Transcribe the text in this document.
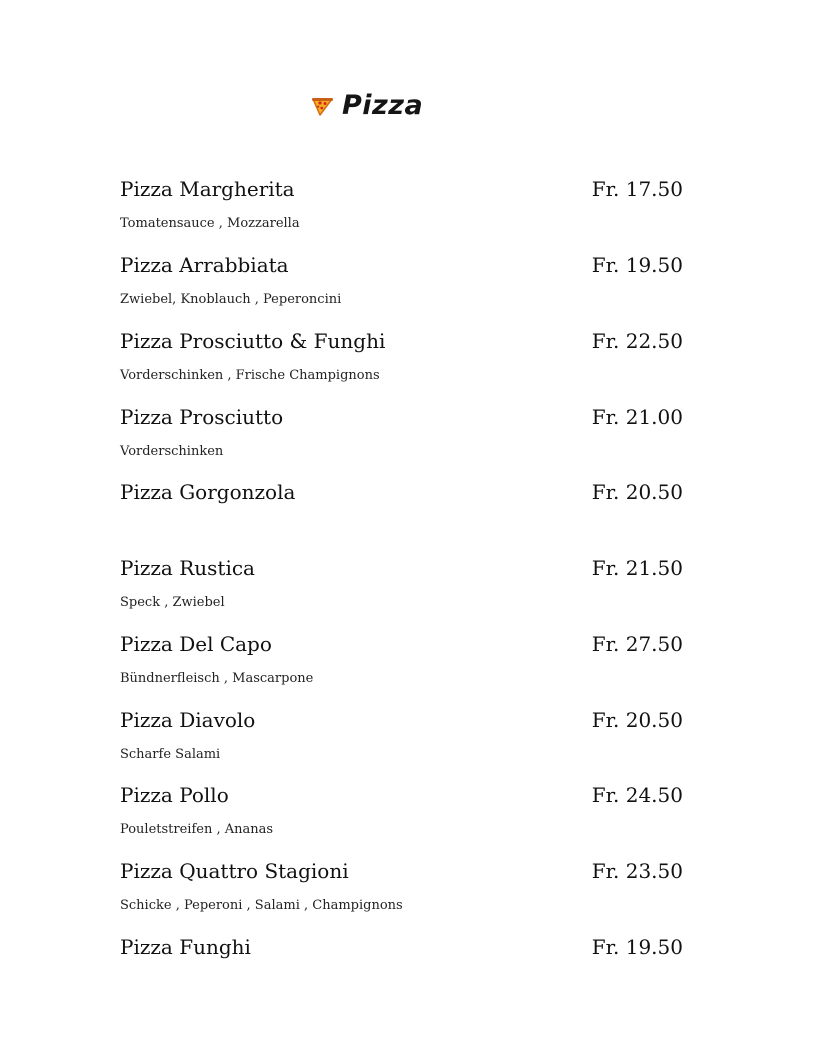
Pizza
Pizza Margherita	Fr. 17.50
Tomatensauce , Mozzarella
Pizza Arrabbiata	Fr. 19.50
Zwiebel, Knoblauch , Peperoncini
Pizza Prosciutto & Funghi	Fr. 22.50
Vorderschinken , Frische Champignons
Pizza Prosciutto	Fr. 21.00
Vorderschinken
Pizza Gorgonzola	Fr. 20.50
Pizza Rustica	Fr. 21.50
Speck , Zwiebel
Pizza Del Capo	Fr. 27.50
Bündnerfleisch , Mascarpone
Pizza Diavolo	Fr. 20.50
Scharfe Salami
Pizza Pollo	Fr. 24.50
Pouletstreifen , Ananas
Pizza Quattro Stagioni	Fr. 23.50
Schicke , Peperoni , Salami , Champignons
Pizza Funghi	Fr. 19.50
